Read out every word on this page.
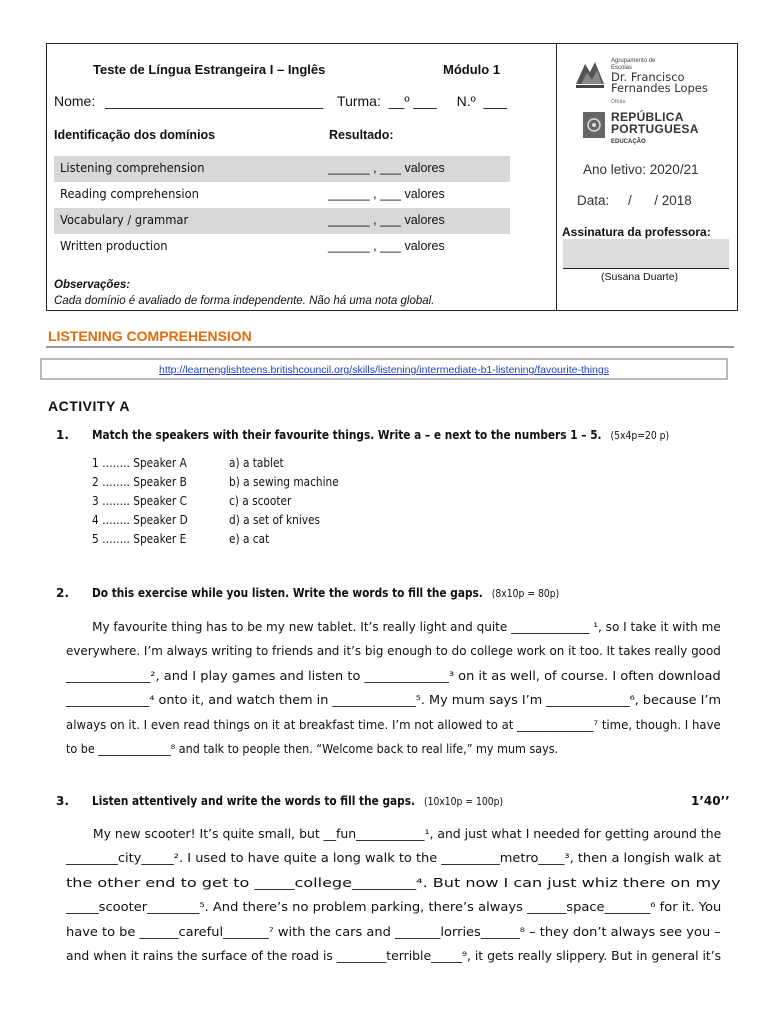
Teste de Língua Estrangeira I – Inglês	Módulo 1
Nome: ____________________________ Turma: __º ___ N.º ___
Identificação dos domínios	Resultado:
Listening comprehension	______ , ___ valores
Reading comprehension	______ , ___ valores
Vocabulary / grammar	______ , ___ valores
Written production	______ , ___ valores
Observações:
Cada domínio é avaliado de forma independente. Não há uma nota global.
Agrupamento de Escolas
Dr. Francisco
Fernandes Lopes Olhão
REPÚBLICA
PORTUGUESA
EDUCAÇÃO
Ano letivo: 2020/21
Data:     /      / 2018
Assinatura da professora:
(Susana Duarte)
LISTENING COMPREHENSION
http://learnenglishteens.britishcouncil.org/skills/listening/intermediate-b1-listening/favourite-things
ACTIVITY A
1. Match the speakers with their favourite things. Write a – e next to the numbers 1 – 5. (5x4p=20 p)
1 …….. Speaker A	a) a tablet
2 …….. Speaker B	b) a sewing machine
3 …….. Speaker C	c) a scooter
4 …….. Speaker D	d) a set of knives
5 …….. Speaker E	e) a cat
2. Do this exercise while you listen. Write the words to fill the gaps. (8x10p = 80p)
My favourite thing has to be my new tablet. It’s really light and quite _____________ ¹, so I take it with me
everywhere. I’m always writing to friends and it’s big enough to do college work on it too. It takes really good
_____________², and I play games and listen to _____________³ on it as well, of course. I often download
_____________⁴ onto it, and watch them in _____________⁵. My mum says I’m _____________⁶, because I’m
always on it. I even read things on it at breakfast time. I’m not allowed to at _____________⁷ time, though. I have
to be _____________⁸ and talk to people then. “Welcome back to real life,” my mum says.
3. Listen attentively and write the words to fill the gaps. (10x10p = 100p)	1’40’’
My new scooter! It’s quite small, but __fun___________¹, and just what I needed for getting around the
________city_____². I used to have quite a long walk to the _________metro____³, then a longish walk at
the other end to get to _____college________⁴. But now I can just whiz there on my
_____scooter________⁵. And there’s no problem parking, there’s always ______space_______⁶ for it. You
have to be ______careful_______⁷ with the cars and _______lorries______⁸ – they don’t always see you –
and when it rains the surface of the road is ________terrible_____⁹, it gets really slippery. But in general it’s
